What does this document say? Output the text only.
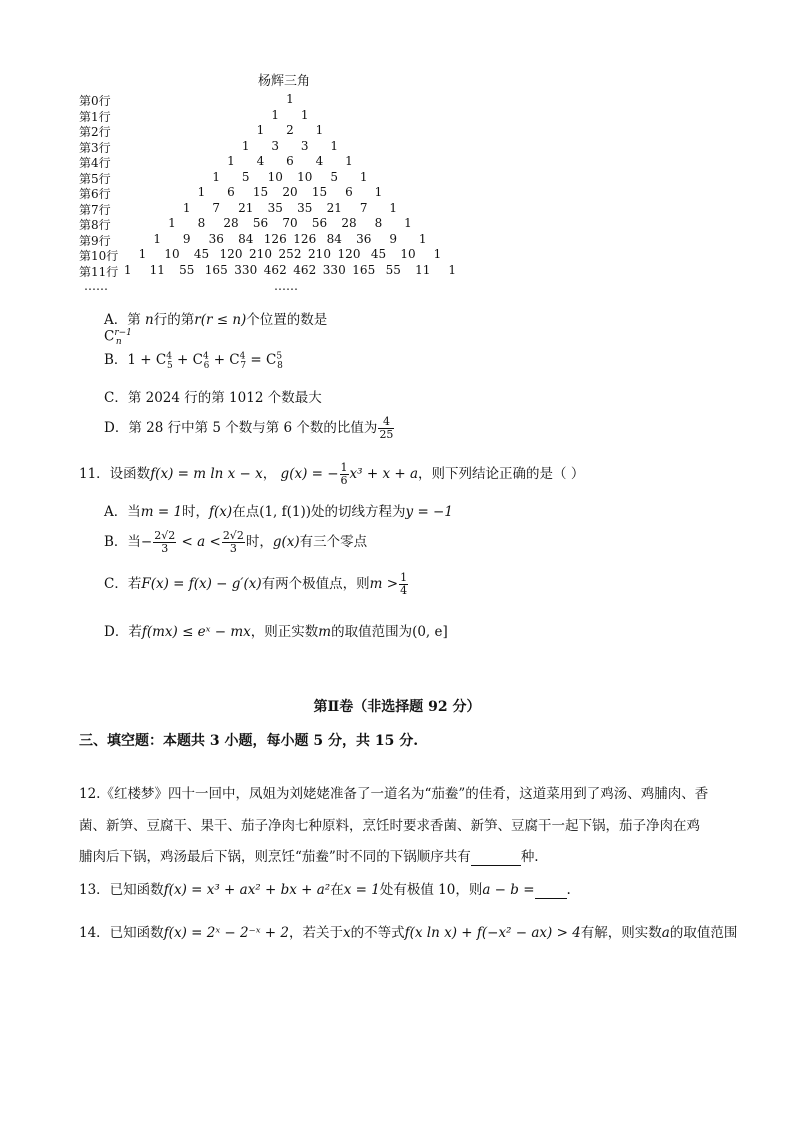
杨辉三角
第0行	1
第1行	1 1
第2行	1 2 1
第3行	1 3 3 1
第4行	1 4 6 4 1
第5行	1 5 10 10 5 1
第6行	1 6 15 20 15 6 1
第7行	1 7 21 35 35 21 7 1
第8行	1 8 28 56 70 56 28 8 1
第9行	1 9 36 84 126 126 84 36 9 1
第10行 1 10 45 120 210 252 210 120 45 10 1
第11行 1 11 55 165 330 462 462 330 165 55 11 1
……	……
A．第 n行的第r(r ≤ n)个位置的数是$C^{r-1}_n$
B．$1 + C^4_5 + C^4_6 + C^4_7 = C^5_8$
C．第 2024 行的第 1012 个数最大
D．第 28 行中第 5 个数与第 6 个数的比值为 $\frac{4}{25}$
11．设函数f(x) = m ln x − x， g(x) = − $\frac{1}{6} x^3 + x + a$，则下列结论正确的是（ ）
A．当m = 1时，f(x)在点(1, f(1))处的切线方程为y = −1
B．当− $\frac{2√2}{3} < a < \frac{2√2}{3}$ 时，g(x)有三个零点
C．若F(x) = f(x) − g′(x)有两个极值点，则$m > \frac{1}{4}$
D．若f(mx) ≤ eˣ − mx，则正实数m的取值范围为(0, e]
第Ⅱ卷（非选择题 92 分）
三、填空题：本题共 3 小题，每小题 5 分，共 15 分.
12.《红楼梦》四十一回中，凤姐为刘姥姥准备了一道名为“茄鲞”的佳肴，这道菜用到了鸡汤、鸡脯肉、香
菌、新笋、豆腐干、果干、茄子净肉七种原料，烹饪时要求香菌、新笋、豆腐干一起下锅，茄子净肉在鸡
脯肉后下锅，鸡汤最后下锅，则烹饪“茄鲞”时不同的下锅顺序共有	种.
13．已知函数f(x) = x³ + ax² + bx + a²在x = 1处有极值 10，则a − b = .
14．已知函数f(x) = 2ˣ − 2⁻ˣ + 2，若关于x的不等式f(x ln x) + f(−x² − ax) > 4有解，则实数a的取值范围
